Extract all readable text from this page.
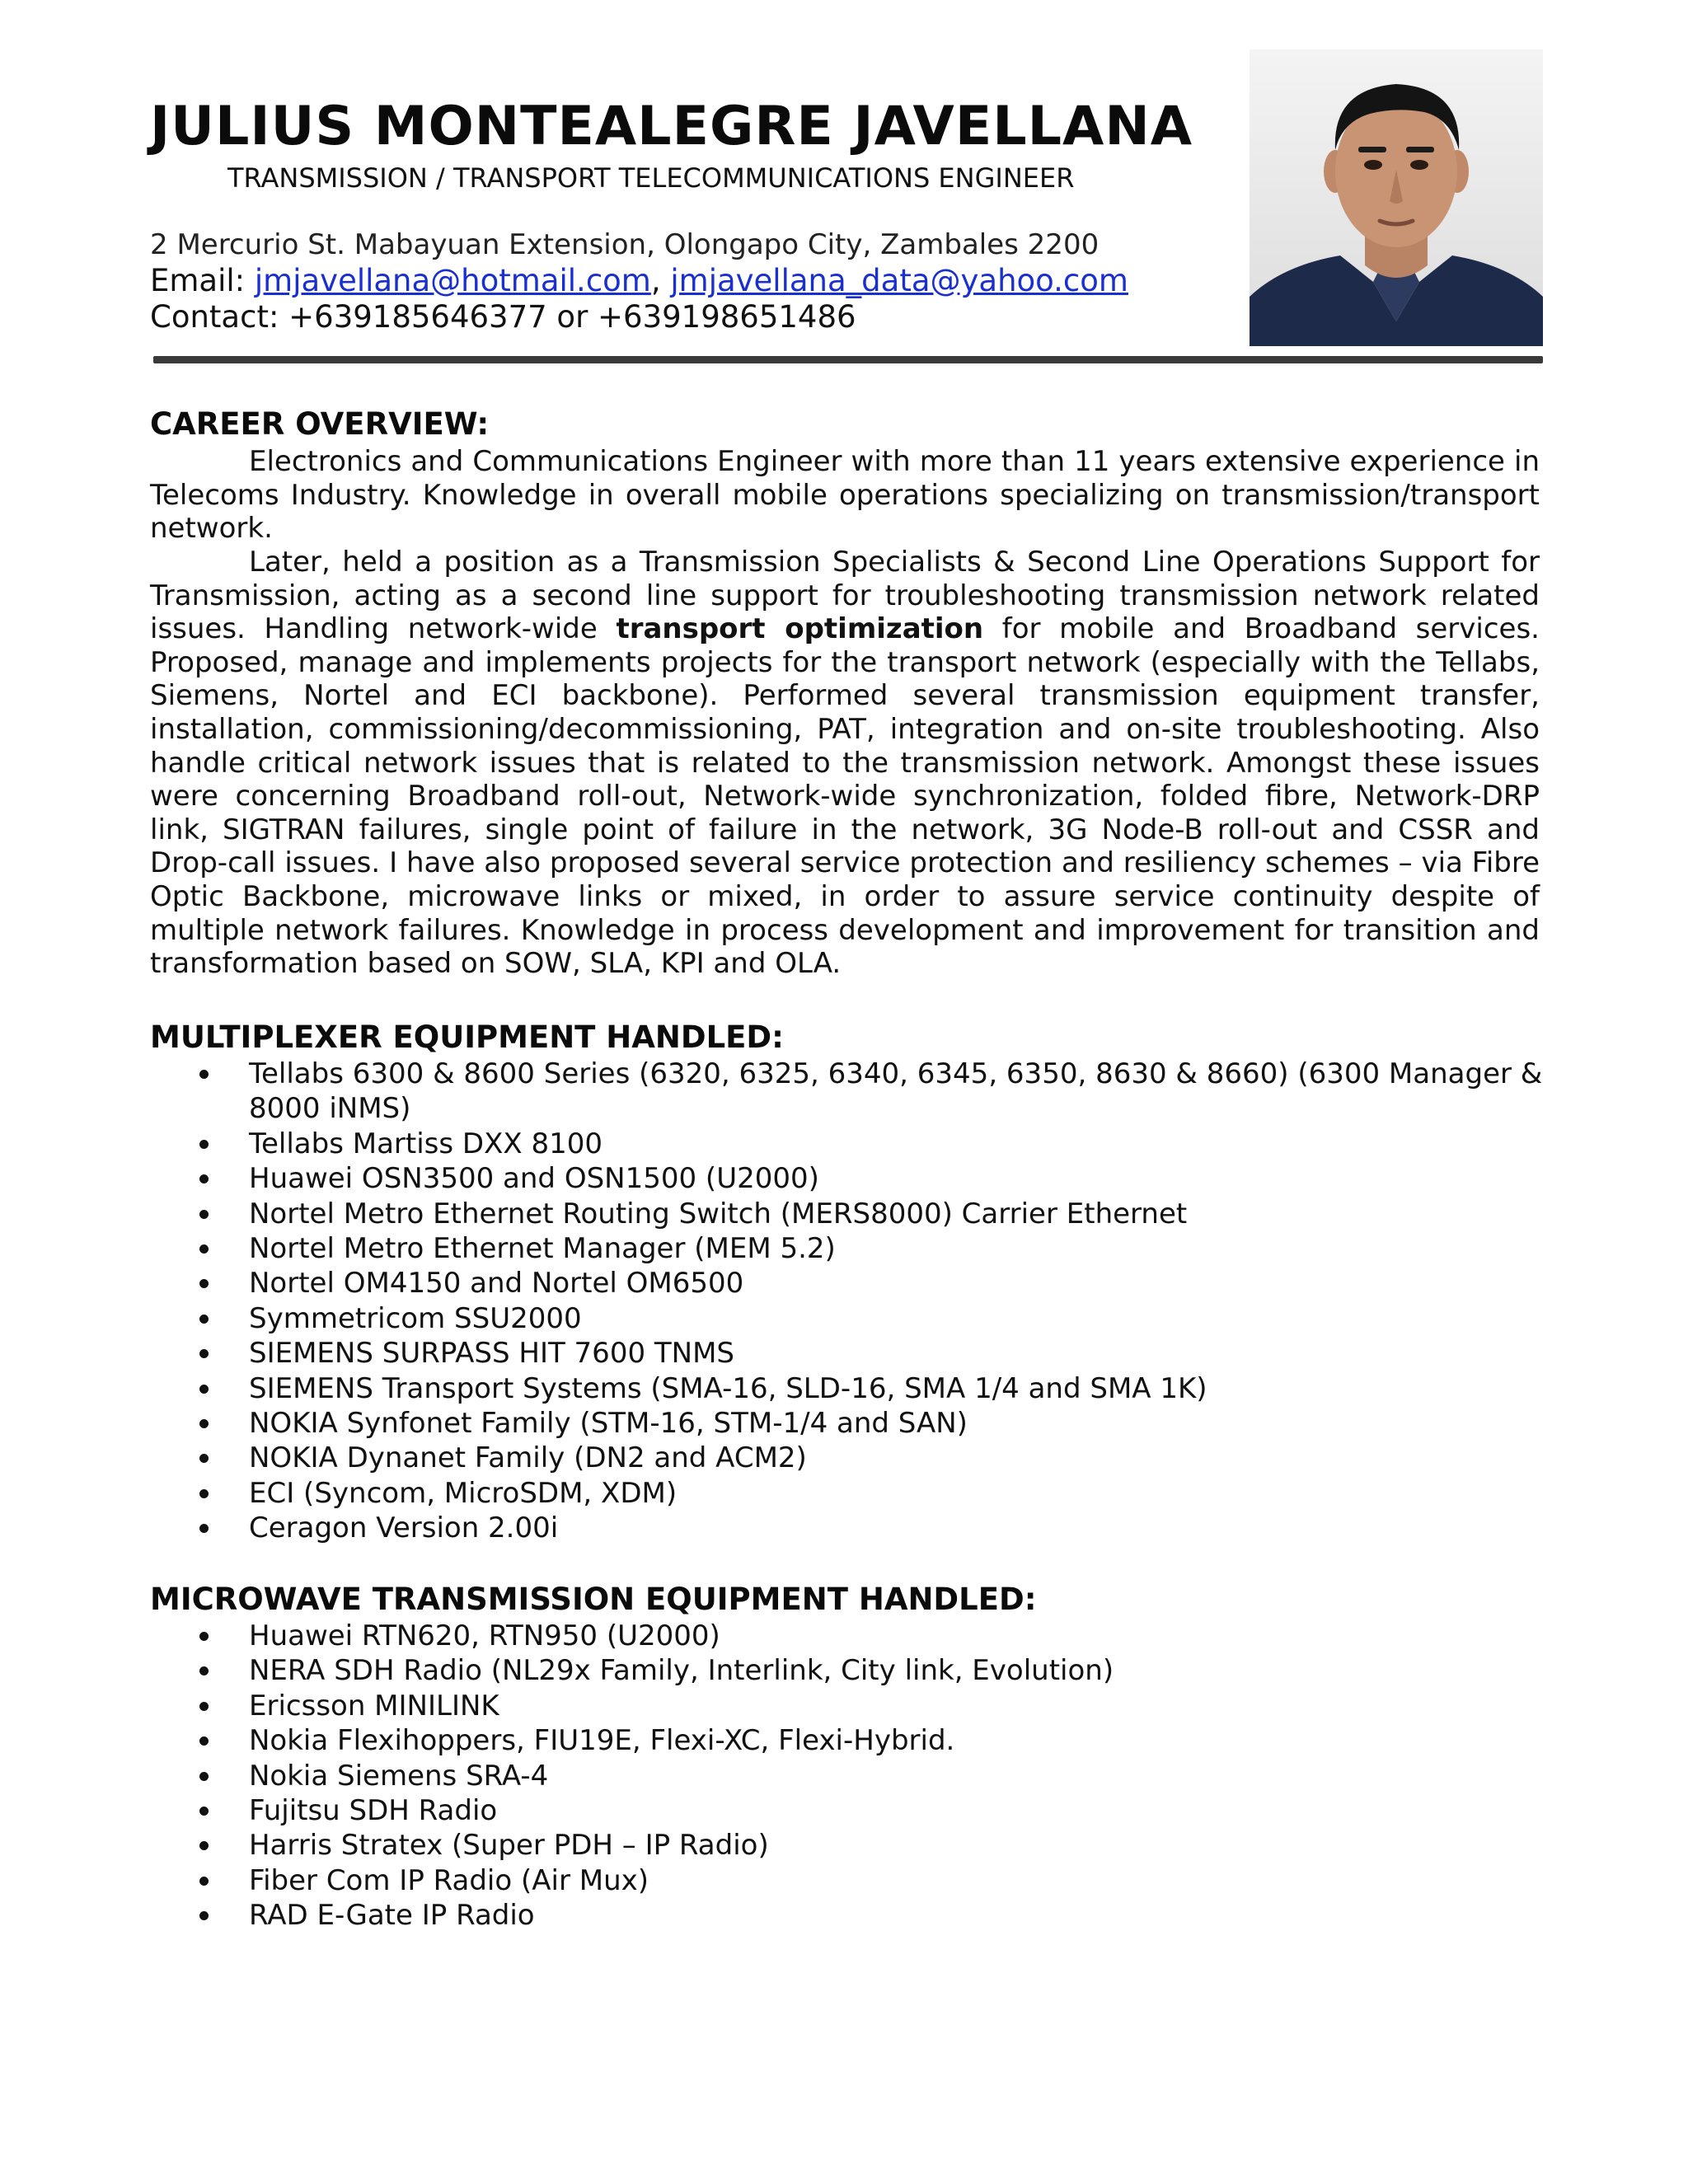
JULIUS MONTEALEGRE JAVELLANA
TRANSMISSION / TRANSPORT TELECOMMUNICATIONS ENGINEER
2 Mercurio St. Mabayuan Extension, Olongapo City, Zambales 2200
Email: jmjavellana@hotmail.com, jmjavellana_data@yahoo.com
Contact: +639185646377 or +639198651486
CAREER OVERVIEW:

Electronics and Communications Engineer with more than 11 years extensive experience in Telecoms Industry. Knowledge in overall mobile operations specializing on transmission/transport network.

Later, held a position as a Transmission Specialists & Second Line Operations Support for Transmission, acting as a second line support for troubleshooting transmission network related issues. Handling network-wide transport optimization for mobile and Broadband services. Proposed, manage and implements projects for the transport network (especially with the Tellabs, Siemens, Nortel and ECI backbone). Performed several transmission equipment transfer, installation, commissioning/decommissioning, PAT, integration and on-site troubleshooting. Also handle critical network issues that is related to the transmission network. Amongst these issues were concerning Broadband roll-out, Network-wide synchronization, folded fibre, Network-DRP link, SIGTRAN failures, single point of failure in the network, 3G Node-B roll-out and CSSR and Drop-call issues. I have also proposed several service protection and resiliency schemes – via Fibre Optic Backbone, microwave links or mixed, in order to assure service continuity despite of multiple network failures. Knowledge in process development and improvement for transition and transformation based on SOW, SLA, KPI and OLA.

MULTIPLEXER EQUIPMENT HANDLED:
Tellabs 6300 & 8600 Series (6320, 6325, 6340, 6345, 6350, 8630 & 8660) (6300 Manager & 8000 iNMS)
Tellabs Martiss DXX 8100
Huawei OSN3500 and OSN1500 (U2000)
Nortel Metro Ethernet Routing Switch (MERS8000) Carrier Ethernet
Nortel Metro Ethernet Manager (MEM 5.2)
Nortel OM4150 and Nortel OM6500
Symmetricom SSU2000
SIEMENS SURPASS HIT 7600 TNMS
SIEMENS Transport Systems (SMA-16, SLD-16, SMA 1/4 and SMA 1K)
NOKIA Synfonet Family (STM-16, STM-1/4 and SAN)
NOKIA Dynanet Family (DN2 and ACM2)
ECI (Syncom, MicroSDM, XDM)
Ceragon Version 2.00i
MICROWAVE TRANSMISSION EQUIPMENT HANDLED:
Huawei RTN620, RTN950 (U2000)
NERA SDH Radio (NL29x Family, Interlink, City link, Evolution)
Ericsson MINILINK
Nokia Flexihoppers, FIU19E, Flexi-XC, Flexi-Hybrid.
Nokia Siemens SRA-4
Fujitsu SDH Radio
Harris Stratex (Super PDH – IP Radio)
Fiber Com IP Radio (Air Mux)
RAD E-Gate IP Radio
